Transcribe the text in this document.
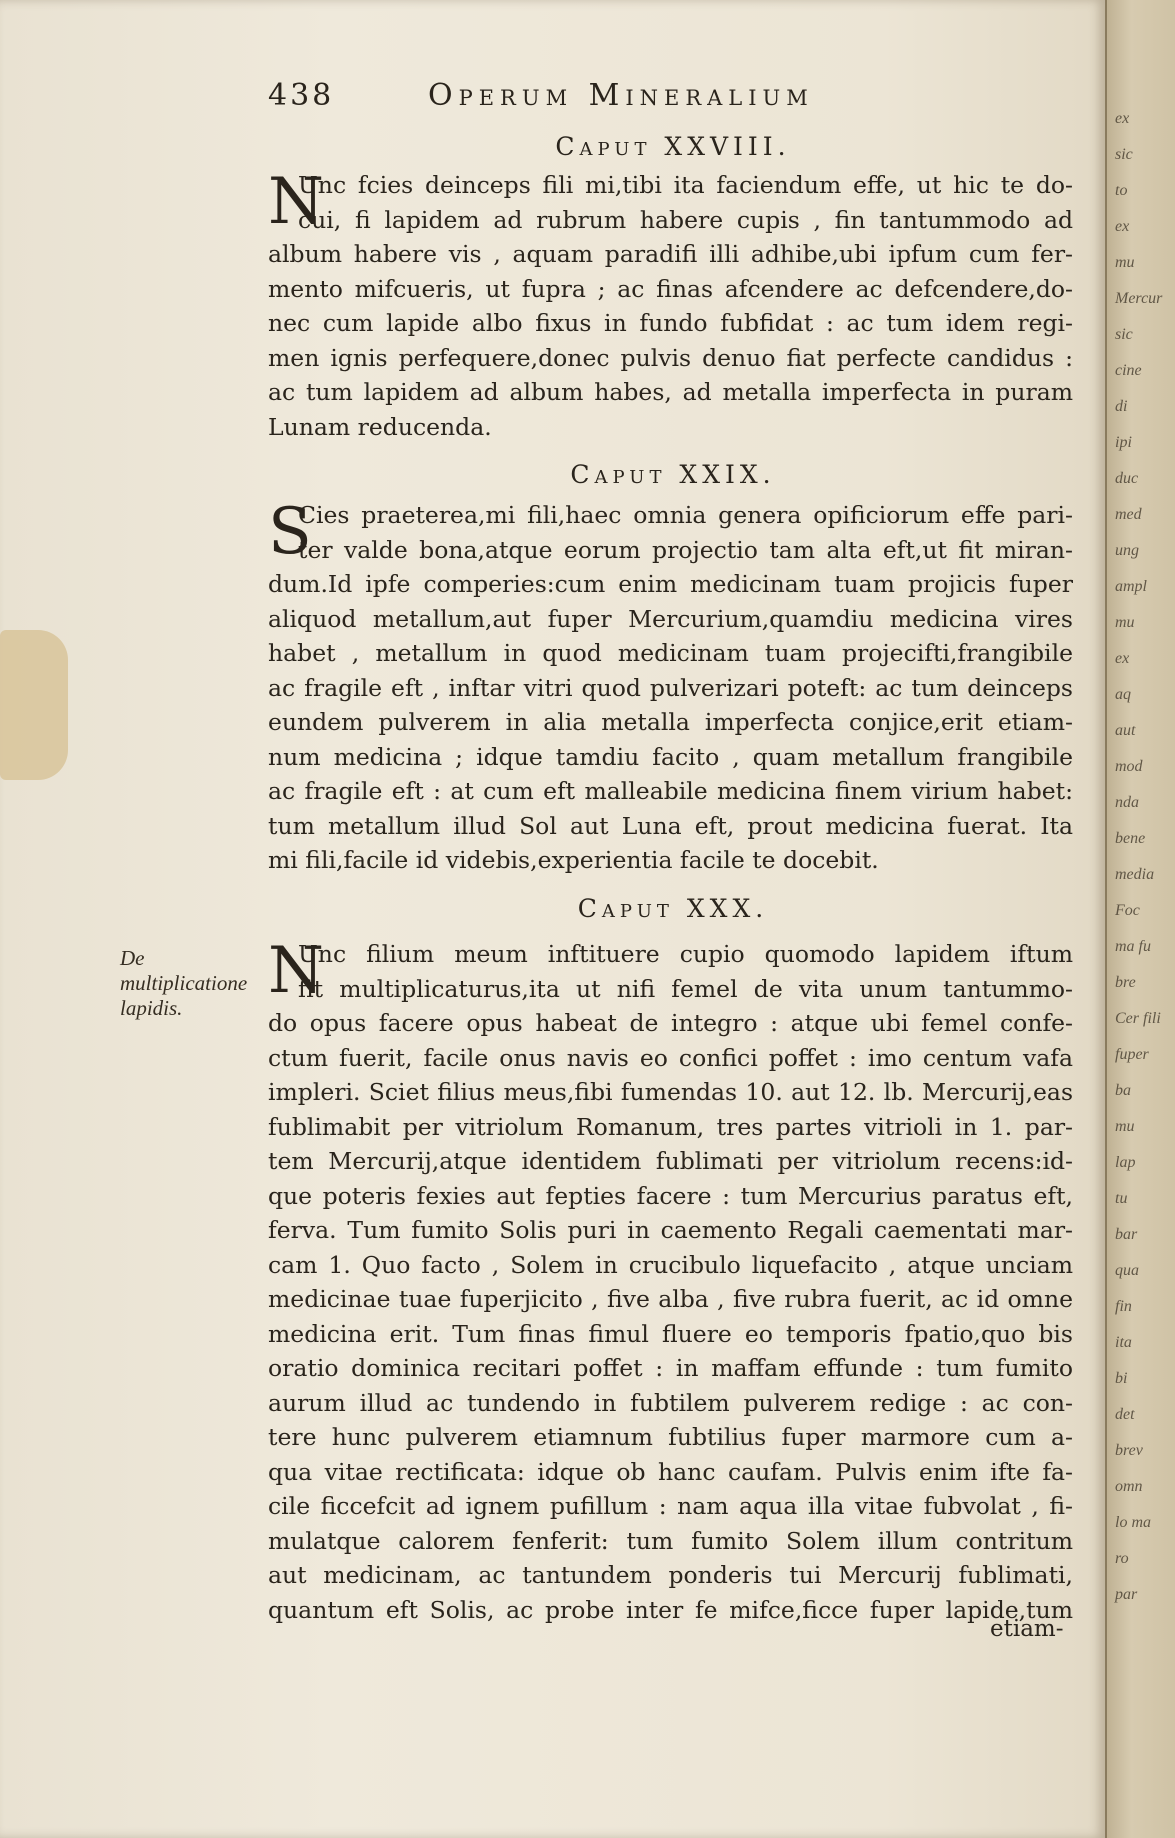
438	Operum Mineralium
Caput XXVIII.
N
Unc fcies deinceps fili mi,tibi ita faciendum effe, ut hic te do-
cui, fi lapidem ad rubrum habere cupis , fin tantummodo ad
album habere vis , aquam paradifi illi adhibe,ubi ipfum cum fer-
mento mifcueris, ut fupra ; ac finas afcendere ac defcendere,do-
nec cum lapide albo fixus in fundo fubfidat : ac tum idem regi-
men ignis perfequere,donec pulvis denuo fiat perfecte candidus :
ac tum lapidem ad album habes, ad metalla imperfecta in puram
Lunam reducenda.
Caput XXIX.
S
Cies praeterea,mi fili,haec omnia genera opificiorum effe pari-
ter valde bona,atque eorum projectio tam alta eft,ut fit miran-
dum.Id ipfe comperies:cum enim medicinam tuam projicis fuper
aliquod metallum,aut fuper Mercurium,quamdiu medicina vires
habet , metallum in quod medicinam tuam projecifti,frangibile
ac fragile eft , inftar vitri quod pulverizari poteft: ac tum deinceps
eundem pulverem in alia metalla imperfecta conjice,erit etiam-
num medicina ; idque tamdiu facito , quam metallum frangibile
ac fragile eft : at cum eft malleabile medicina finem virium habet:
tum metallum illud Sol aut Luna eft, prout medicina fuerat. Ita
mi fili,facile id videbis,experientia facile te docebit.
Caput XXX.
De multiplicatione lapidis.	N
Unc filium meum inftituere cupio quomodo lapidem iftum
fit multiplicaturus,ita ut nifi femel de vita unum tantummo-
do opus facere opus habeat de integro : atque ubi femel confe-
ctum fuerit, facile onus navis eo confici poffet : imo centum vafa
impleri. Sciet filius meus,fibi fumendas 10. aut 12. lb. Mercurij,eas
fublimabit per vitriolum Romanum, tres partes vitrioli in 1. par-
tem Mercurij,atque identidem fublimati per vitriolum recens:id-
que poteris fexies aut fepties facere : tum Mercurius paratus eft,
ferva. Tum fumito Solis puri in caemento Regali caementati mar-
cam 1. Quo facto , Solem in crucibulo liquefacito , atque unciam
medicinae tuae fuperjicito , five alba , five rubra fuerit, ac id omne
medicina erit. Tum finas fimul fluere eo temporis fpatio,quo bis
oratio dominica recitari poffet : in maffam effunde : tum fumito
aurum illud ac tundendo in fubtilem pulverem redige : ac con-
tere hunc pulverem etiamnum fubtilius fuper marmore cum a-
qua vitae rectificata: idque ob hanc caufam. Pulvis enim ifte fa-
cile ficcefcit ad ignem pufillum : nam aqua illa vitae fubvolat , fi-
mulatque calorem fenferit: tum fumito Solem illum contritum
aut medicinam, ac tantundem ponderis tui Mercurij fublimati,
quantum eft Solis, ac probe inter fe mifce,ficce fuper lapide,tum
etiam-
ex
sic
to
ex
mu
Mercur
sic
cine
di
ipi
duc
med
ung
ampl
mu
ex
aq
aut
mod
nda
bene
media
Foc
ma fu
bre
Cer fili
fuper
ba
mu
lap
tu
bar
qua
fin
ita
bi
det
brev
omn
lo ma
ro
par
